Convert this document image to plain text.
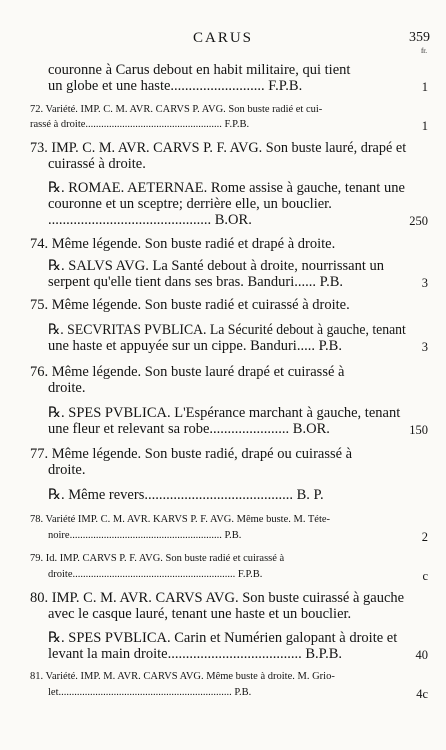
CARUS	359
fr.
couronne à Carus debout en habit militaire, qui tient
un globe et une haste.......................... F.P.B.
72. Variété. IMP. C. M. AVR. CARVS P. AVG. Son buste radié et cui-
rassé à droite.................................................... F.P.B.
73. IMP. C. M. AVR. CARVS P. F. AVG. Son buste lauré, drapé et
cuirassé à droite.
℞. ROMAE. AETERNAE. Rome assise à gauche, tenant une
couronne et un sceptre; derrière elle, un bouclier.
............................................. B.OR.
74. Même légende. Son buste radié et drapé à droite.
℞. SALVS AVG. La Santé debout à droite, nourrissant un
serpent qu'elle tient dans ses bras. Banduri...... P.B.
75. Même légende. Son buste radié et cuirassé à droite.
℞. SECVRITAS PVBLICA. La Sécurité debout à gauche, tenant
une haste et appuyée sur un cippe. Banduri..... P.B.
76. Même légende. Son buste lauré drapé et cuirassé à
droite.
℞. SPES PVBLICA. L'Espérance marchant à gauche, tenant
une fleur et relevant sa robe...................... B.OR.
77. Même légende. Son buste radié, drapé ou cuirassé à
droite.
℞. Même revers......................................... B. P.
78. Variété IMP. C. M. AVR. KARVS P. F. AVG. Même buste. M. Téte-
noire.......................................................... P.B.
79. Id. IMP. CARVS P. F. AVG. Son buste radié et cuirassé à
droite.............................................................. F.P.B.
80. IMP. C. M. AVR. CARVS AVG. Son buste cuirassé à gauche
avec le casque lauré, tenant une haste et un bouclier.
℞. SPES PVBLICA. Carin et Numérien galopant à droite et
levant la main droite..................................... B.P.B.
81. Variété. IMP. M. AVR. CARVS AVG. Même buste à droite. M. Grio-
let.................................................................. P.B.
1
1
250
3
3
150
2
c
40
4c
